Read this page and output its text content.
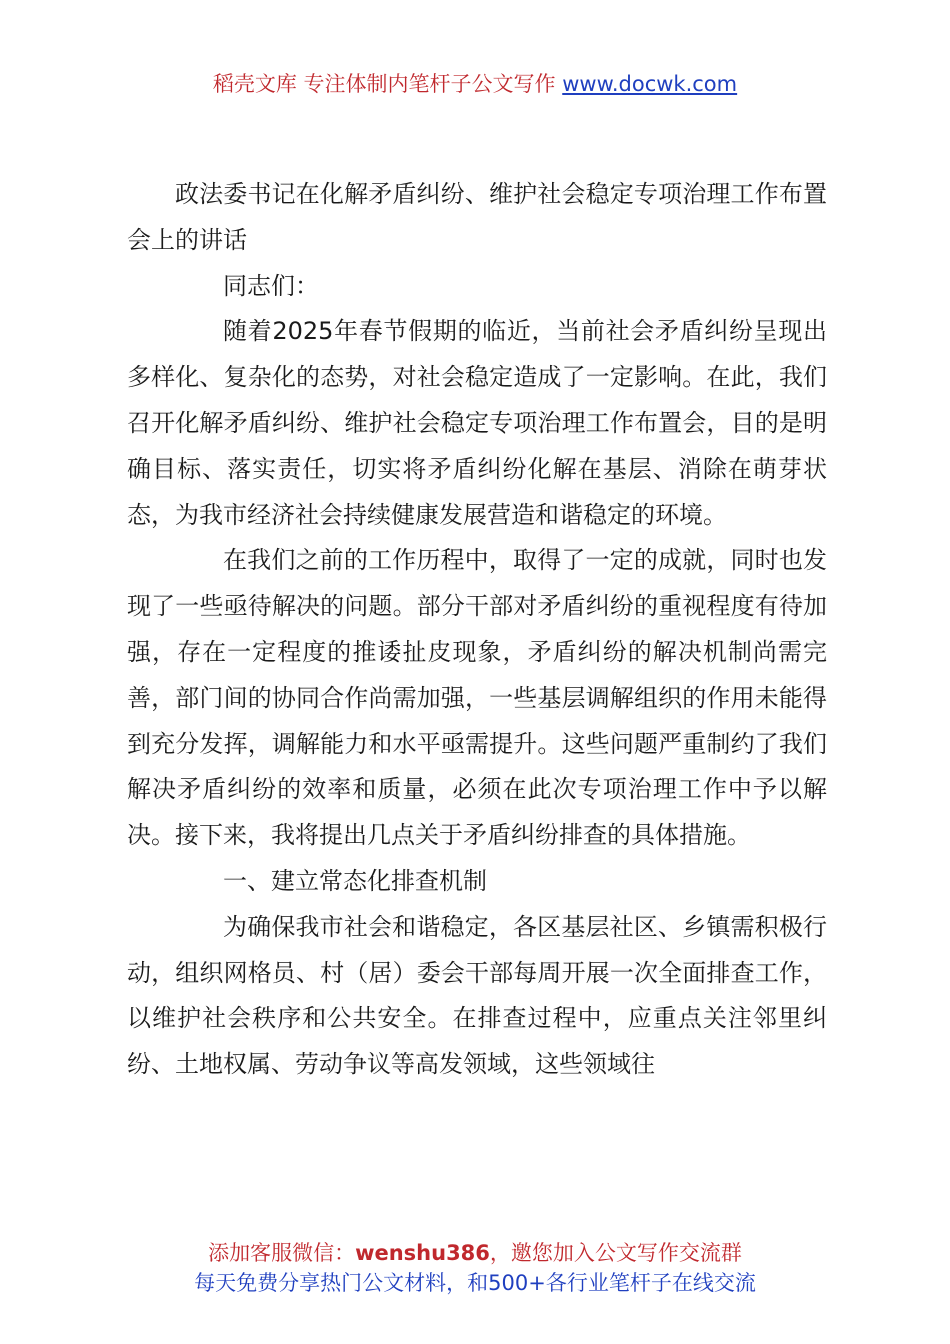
稻壳文库 专注体制内笔杆子公文写作 www.docwk.com

政法委书记在化解矛盾纠纷、维护社会稳定专项治理工作布置会上的讲话

同志们：

随着2025年春节假期的临近，当前社会矛盾纠纷呈现出多样化、复杂化的态势，对社会稳定造成了一定影响。在此，我们召开化解矛盾纠纷、维护社会稳定专项治理工作布置会，目的是明确目标、落实责任，切实将矛盾纠纷化解在基层、消除在萌芽状态，为我市经济社会持续健康发展营造和谐稳定的环境。

在我们之前的工作历程中，取得了一定的成就，同时也发现了一些亟待解决的问题。部分干部对矛盾纠纷的重视程度有待加强，存在一定程度的推诿扯皮现象，矛盾纠纷的解决机制尚需完善，部门间的协同合作尚需加强，一些基层调解组织的作用未能得到充分发挥，调解能力和水平亟需提升。这些问题严重制约了我们解决矛盾纠纷的效率和质量，必须在此次专项治理工作中予以解决。接下来，我将提出几点关于矛盾纠纷排查的具体措施。

一、建立常态化排查机制

为确保我市社会和谐稳定，各区基层社区、乡镇需积极行动，组织网格员、村（居）委会干部每周开展一次全面排查工作，以维护社会秩序和公共安全。在排查过程中，应重点关注邻里纠纷、土地权属、劳动争议等高发领域，这些领域往

添加客服微信：wenshu386，邀您加入公文写作交流群
每天免费分享热门公文材料，和500+各行业笔杆子在线交流
